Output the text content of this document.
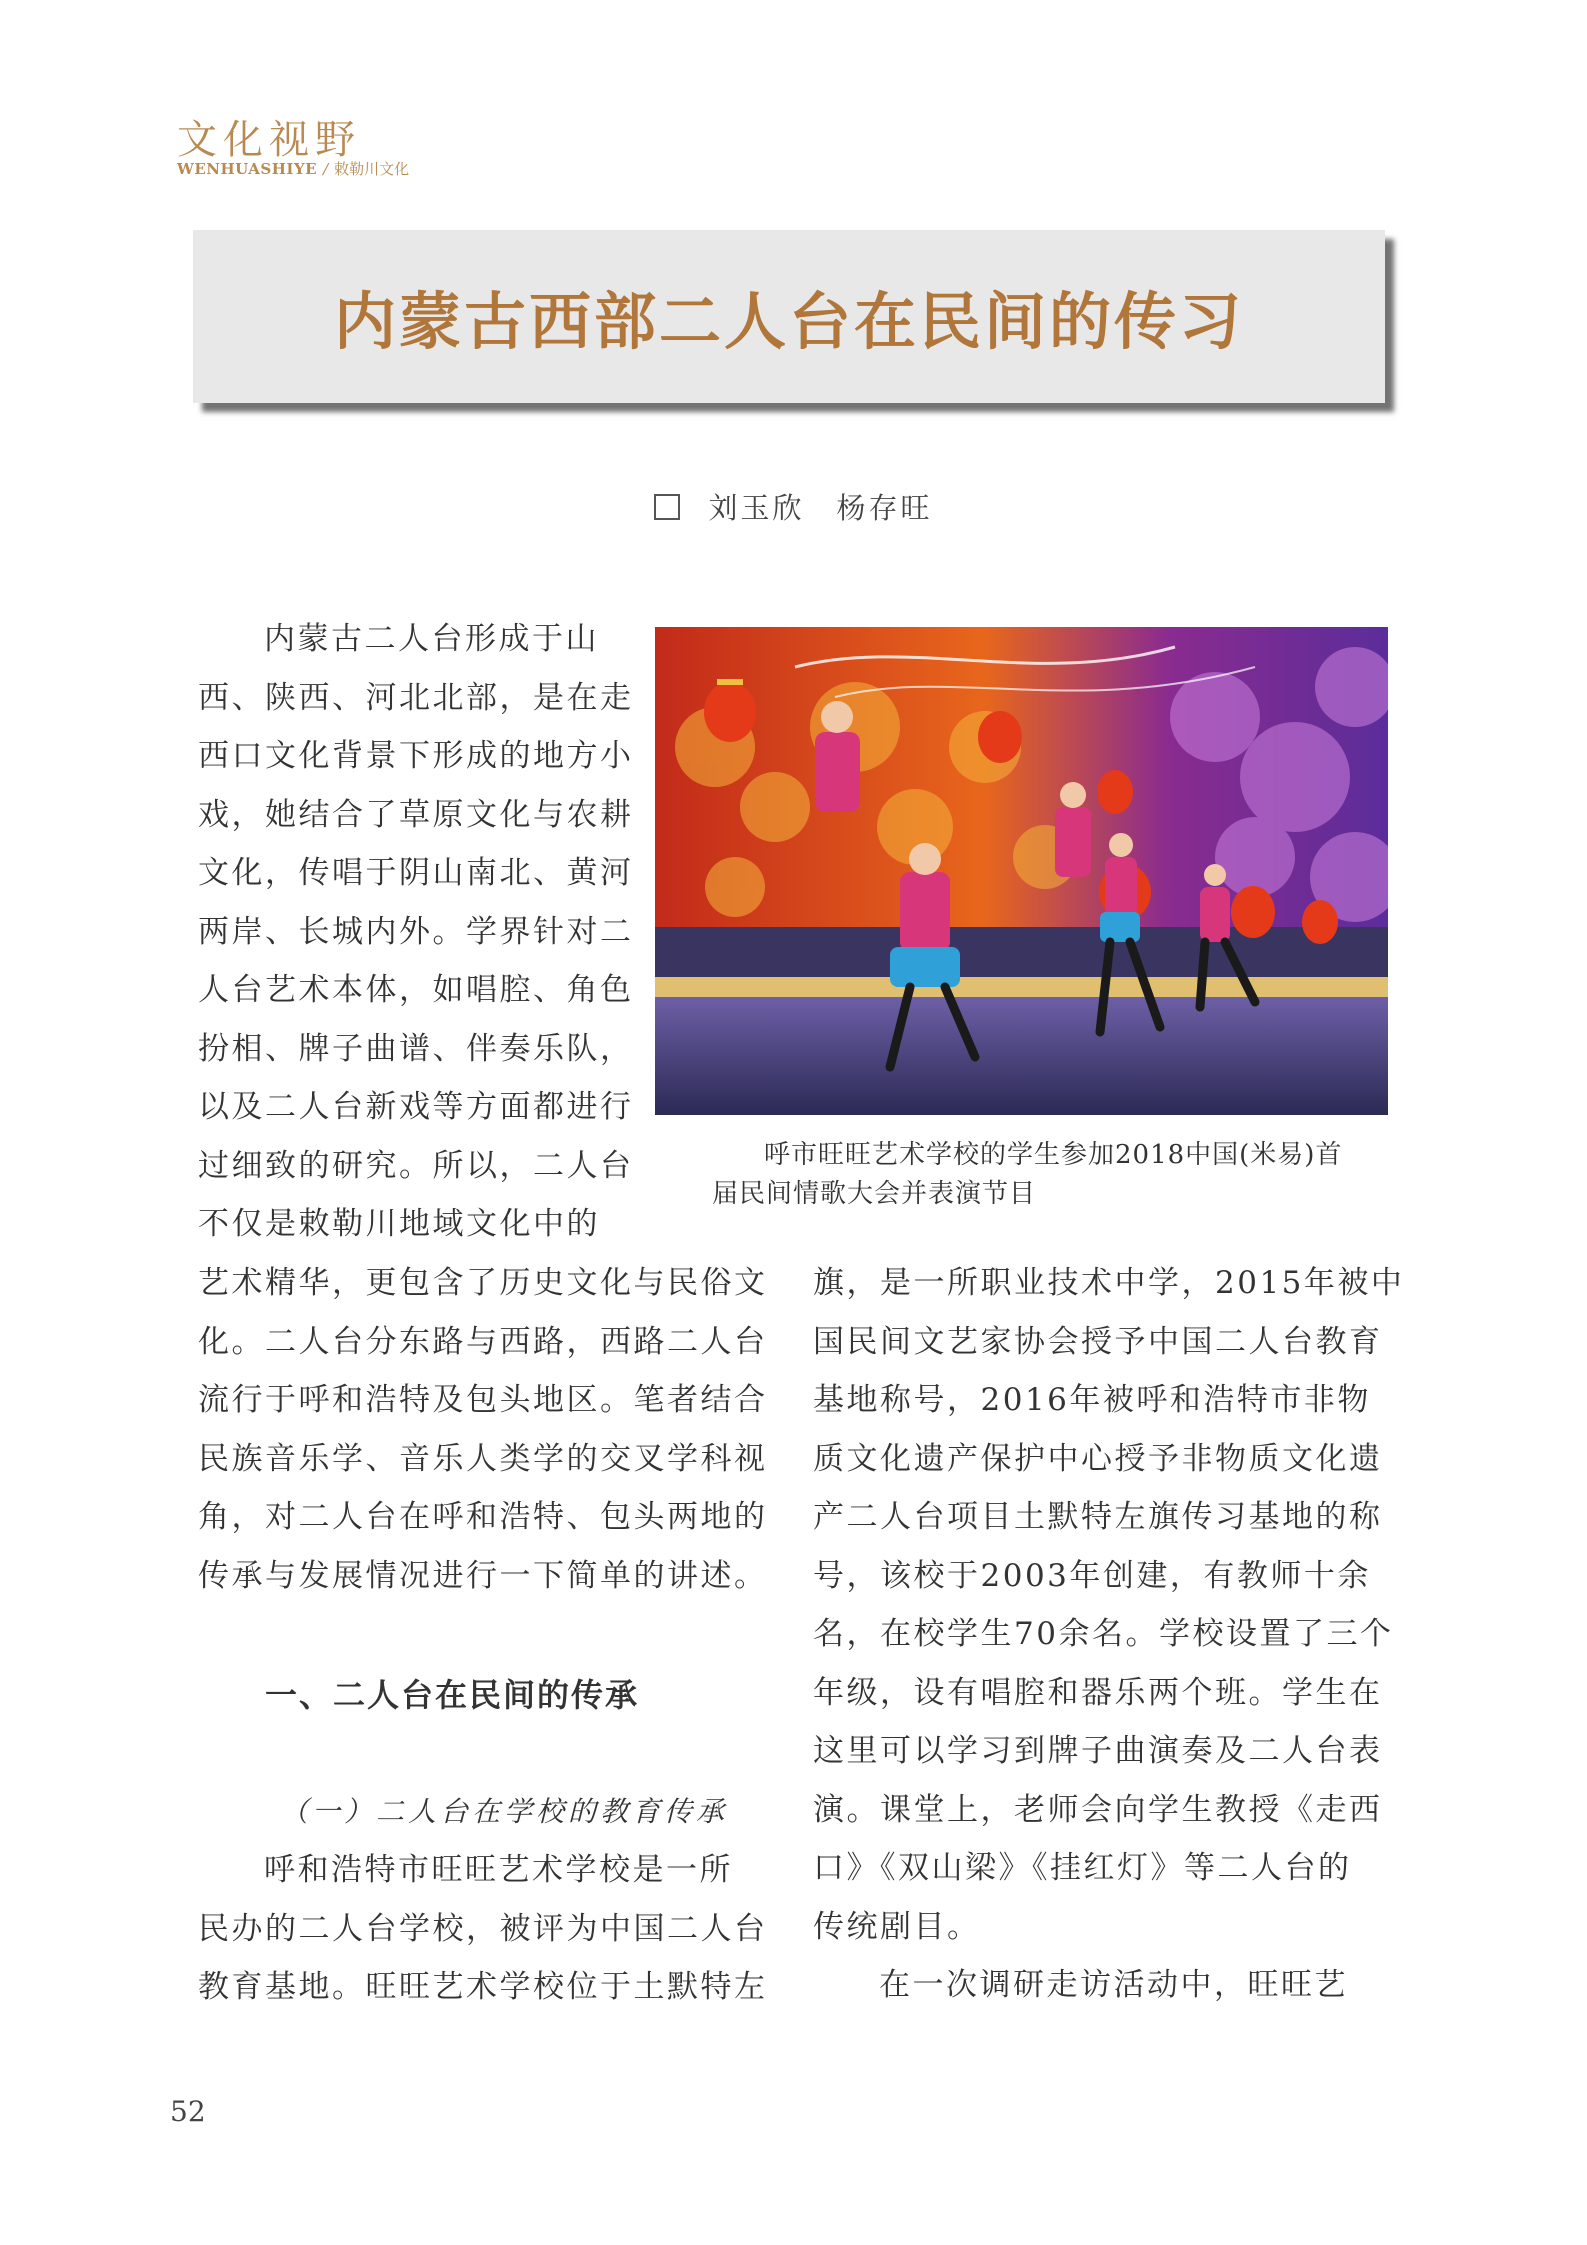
文化视野
WENHUASHIYE / 敕勒川文化
内蒙古西部二人台在民间的传习
刘玉欣 杨存旺
内蒙古二人台形成于山
西、陕西、河北北部，是在走
西口文化背景下形成的地方小
戏，她结合了草原文化与农耕
文化，传唱于阴山南北、黄河
两岸、长城内外。学界针对二
人台艺术本体，如唱腔、角色
扮相、牌子曲谱、伴奏乐队，
以及二人台新戏等方面都进行
过细致的研究。所以，二人台
不仅是敕勒川地域文化中的
呼市旺旺艺术学校的学生参加2018中国(米易)首
届民间情歌大会并表演节目
艺术精华，更包含了历史文化与民俗文
化。二人台分东路与西路，西路二人台
流行于呼和浩特及包头地区。笔者结合
民族音乐学、音乐人类学的交叉学科视
角，对二人台在呼和浩特、包头两地的
传承与发展情况进行一下简单的讲述。
一、二人台在民间的传承
（一）二人台在学校的教育传承
呼和浩特市旺旺艺术学校是一所
民办的二人台学校，被评为中国二人台
教育基地。旺旺艺术学校位于土默特左
旗，是一所职业技术中学，2015年被中
国民间文艺家协会授予中国二人台教育
基地称号，2016年被呼和浩特市非物
质文化遗产保护中心授予非物质文化遗
产二人台项目土默特左旗传习基地的称
号，该校于2003年创建，有教师十余
名，在校学生70余名。学校设置了三个
年级，设有唱腔和器乐两个班。学生在
这里可以学习到牌子曲演奏及二人台表
演。课堂上，老师会向学生教授《走西
口》《双山梁》《挂红灯》等二人台的
传统剧目。
在一次调研走访活动中，旺旺艺
52
